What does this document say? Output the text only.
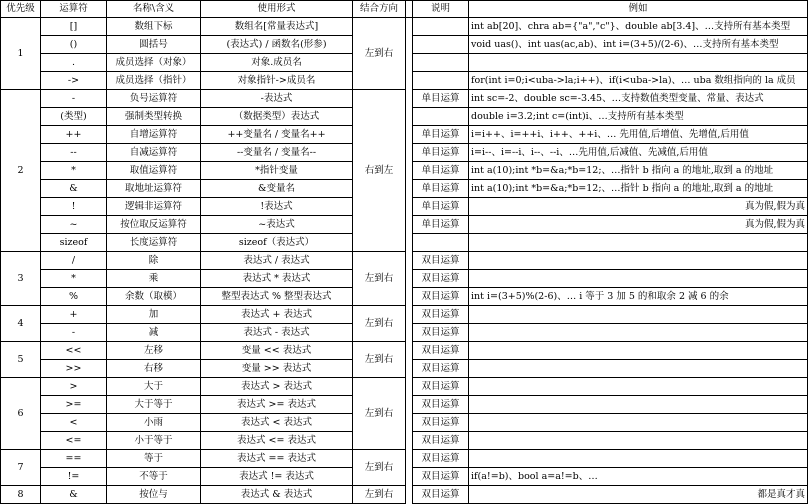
优先级	运算符	名称\含义	使用形式	结合方向		说明	例如
1	[]	数组下标	数组名[常量表达式]	左到右			int ab[20]、chra ab={"a","c"}、double ab[3.4]、…支持所有基本类型
	()	圆括号	(表达式) / 函数名(形参)				void uas()、int uas(ac,ab)、int i=(3+5)/(2-6)、…支持所有基本类型
	.	成员选择（对象）	对象.成员名				
	->	成员选择（指针）	对象指针->成员名				for(int i=0;i<uba->la;i++)、if(i<uba->la)、… uba 数组指向的 la 成员
2	-	负号运算符	-表达式	右到左		单目运算	int sc=-2、double sc=-3.45、…支持数值类型变量、常量、表达式
	(类型)	强制类型转换	（数据类型）表达式				double i=3.2;int c=(int)i、…支持所有基本类型
	++	自增运算符	++变量名 / 变量名++			单目运算	i=i++、i=++i、i++、++i、… 先用值,后增值、先增值,后用值
	--	自减运算符	--变量名 / 变量名--			单目运算	i=i--、i=--i、i--、--i、…先用值,后减值、先减值,后用值
	*	取值运算符	*指针变量			单目运算	int a(10);int *b=&a;*b=12;、…指针 b 指向 a 的地址,取到 a 的地址
	&	取地址运算符	&变量名			单目运算	int a(10);int *b=&a;*b=12;、…指针 b 指向 a 的地址,取到 a 的地址
	!	逻辑非运算符	!表达式			单目运算	真为假,假为真
	~	按位取反运算符	~表达式			单目运算	真为假,假为真
	sizeof	长度运算符	sizeof（表达式）				
3	/	除	表达式 / 表达式	左到右		双目运算	
	*	乘	表达式 * 表达式			双目运算	
	%	余数（取模）	整型表达式 % 整型表达式			双目运算	int i=(3+5)%(2-6)、… i 等于 3 加 5 的和取余 2 减 6 的余
4	+	加	表达式 + 表达式	左到右		双目运算	
	-	减	表达式 - 表达式			双目运算	
5	<<	左移	变量 << 表达式	左到右		双目运算	
	>>	右移	变量 >> 表达式			双目运算	
6	>	大于	表达式 > 表达式	左到右		双目运算	
	>=	大于等于	表达式 >= 表达式			双目运算	
	<	小雨	表达式 < 表达式			双目运算	
	<=	小于等于	表达式 <= 表达式			双目运算	
7	==	等于	表达式 == 表达式	左到右		双目运算	
	!=	不等于	表达式 != 表达式			双目运算	if(a!=b)、bool a=a!=b、…
8	&	按位与	表达式 & 表达式	左到右		双目运算	都是真才真
